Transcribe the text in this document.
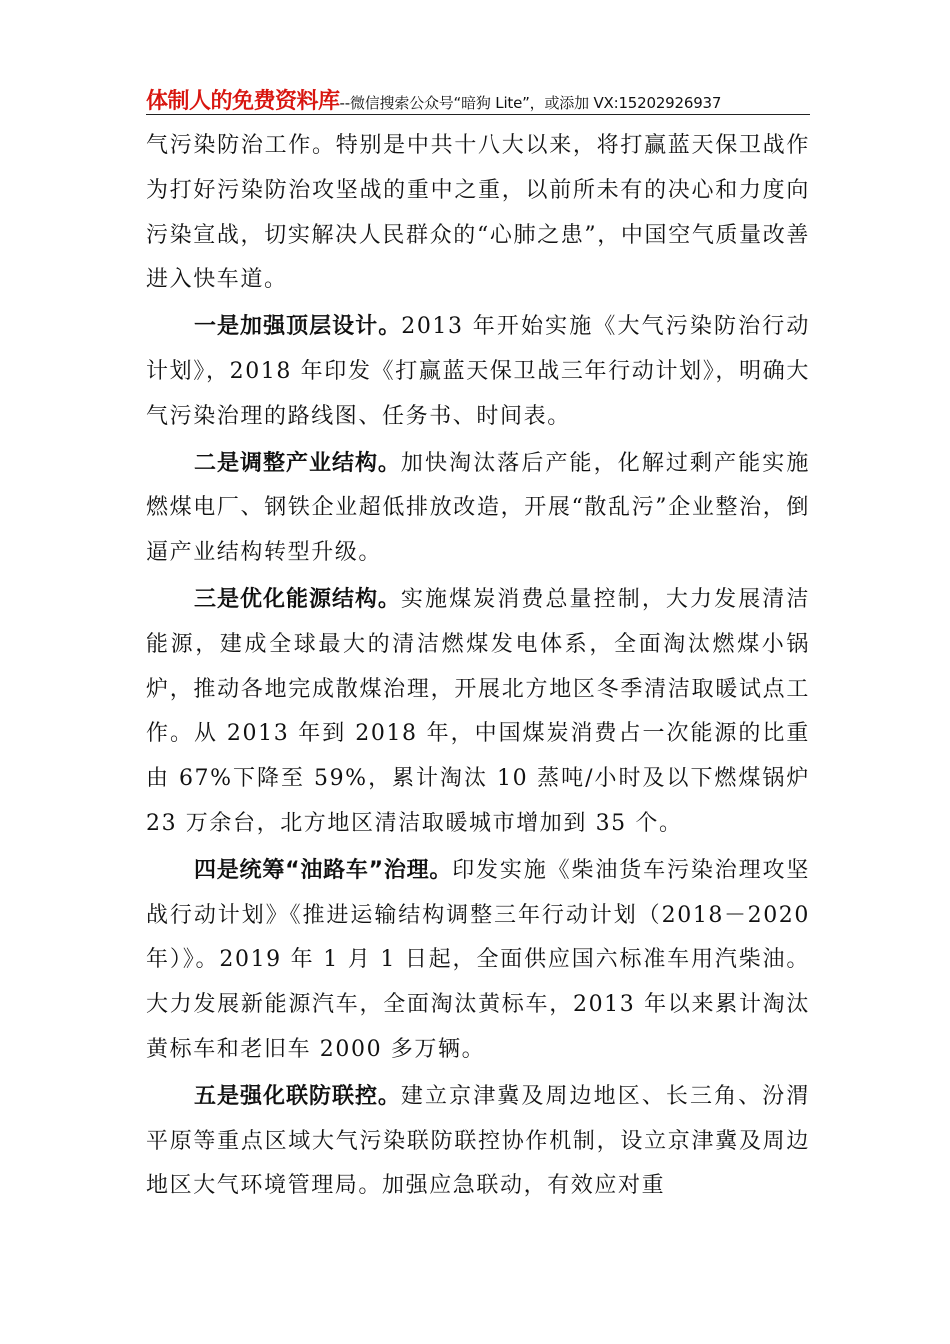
体制人的免费资料库--微信搜索公众号“暗狗 Lite”，或添加 VX:15202926937

气污染防治工作。特别是中共十八大以来，将打赢蓝天保卫战作为打好污染防治攻坚战的重中之重，以前所未有的决心和力度向污染宣战，切实解决人民群众的“心肺之患”，中国空气质量改善进入快车道。

一是加强顶层设计。2013 年开始实施《大气污染防治行动计划》，2018 年印发《打赢蓝天保卫战三年行动计划》，明确大气污染治理的路线图、任务书、时间表。

二是调整产业结构。加快淘汰落后产能，化解过剩产能实施燃煤电厂、钢铁企业超低排放改造，开展“散乱污”企业整治，倒逼产业结构转型升级。

三是优化能源结构。实施煤炭消费总量控制，大力发展清洁能源，建成全球最大的清洁燃煤发电体系，全面淘汰燃煤小锅炉，推动各地完成散煤治理，开展北方地区冬季清洁取暖试点工作。从 2013 年到 2018 年，中国煤炭消费占一次能源的比重由 67%下降至 59%，累计淘汰 10 蒸吨/小时及以下燃煤锅炉 23 万余台，北方地区清洁取暖城市增加到 35 个。

四是统筹“油路车”治理。印发实施《柴油货车污染治理攻坚战行动计划》《推进运输结构调整三年行动计划（2018－2020 年）》。2019 年 1 月 1 日起，全面供应国六标准车用汽柴油。大力发展新能源汽车，全面淘汰黄标车，2013 年以来累计淘汰黄标车和老旧车 2000 多万辆。

五是强化联防联控。建立京津冀及周边地区、长三角、汾渭平原等重点区域大气污染联防联控协作机制，设立京津冀及周边地区大气环境管理局。加强应急联动，有效应对重
